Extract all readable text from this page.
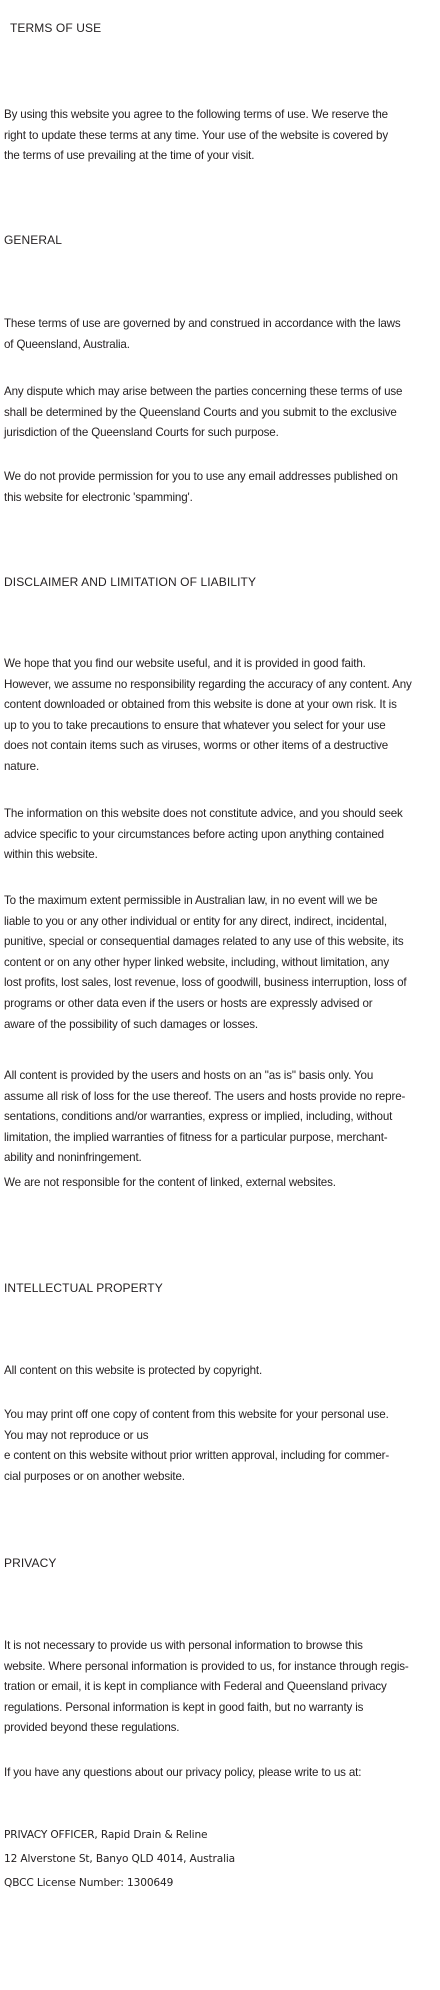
TERMS OF USE
By using this website you agree to the following terms of use. We reserve the
right to update these terms at any time. Your use of the website is covered by
the terms of use prevailing at the time of your visit.
GENERAL
These terms of use are governed by and construed in accordance with the laws
of Queensland, Australia.
Any dispute which may arise between the parties concerning these terms of use
shall be determined by the Queensland Courts and you submit to the exclusive
jurisdiction of the Queensland Courts for such purpose.
We do not provide permission for you to use any email addresses published on
this website for electronic 'spamming'.
DISCLAIMER AND LIMITATION OF LIABILITY
We hope that you find our website useful, and it is provided in good faith.
However, we assume no responsibility regarding the accuracy of any content. Any
content downloaded or obtained from this website is done at your own risk. It is
up to you to take precautions to ensure that whatever you select for your use
does not contain items such as viruses, worms or other items of a destructive
nature.
The information on this website does not constitute advice, and you should seek
advice specific to your circumstances before acting upon anything contained
within this website.
To the maximum extent permissible in Australian law, in no event will we be
liable to you or any other individual or entity for any direct, indirect, incidental,
punitive, special or consequential damages related to any use of this website, its
content or on any other hyper linked website, including, without limitation, any
lost profits, lost sales, lost revenue, loss of goodwill, business interruption, loss of
programs or other data even if the users or hosts are expressly advised or
aware of the possibility of such damages or losses.
All content is provided by the users and hosts on an "as is" basis only. You
assume all risk of loss for the use thereof. The users and hosts provide no repre-
sentations, conditions and/or warranties, express or implied, including, without
limitation, the implied warranties of fitness for a particular purpose, merchant-
ability and noninfringement.
We are not responsible for the content of linked, external websites.
INTELLECTUAL PROPERTY
All content on this website is protected by copyright.
You may print off one copy of content from this website for your personal use.
You may not reproduce or us
e content on this website without prior written approval, including for commer-
cial purposes or on another website.
PRIVACY
It is not necessary to provide us with personal information to browse this
website. Where personal information is provided to us, for instance through regis-
tration or email, it is kept in compliance with Federal and Queensland privacy
regulations. Personal information is kept in good faith, but no warranty is
provided beyond these regulations.
If you have any questions about our privacy policy, please write to us at:
PRIVACY OFFICER, Rapid Drain & Reline
12 Alverstone St, Banyo QLD 4014, Australia
QBCC License Number: 1300649
